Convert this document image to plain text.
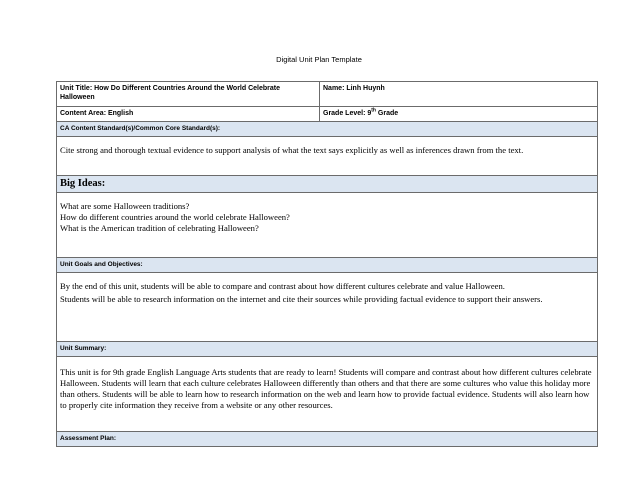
Digital Unit Plan Template
Unit Title: How Do Different Countries Around the World Celebrate Halloween	Name: Linh Huynh
Content Area: English	Grade Level: 9th Grade
CA Content Standard(s)/Common Core Standard(s):	
Cite strong and thorough textual evidence to support analysis of what the text says explicitly as well as inferences drawn from the text.	
Big Ideas:	

What are some Halloween traditions?
How do different countries around the world celebrate Halloween?
What is the American tradition of celebrating Halloween?	

Unit Goals and Objectives:	

By the end of this unit, students will be able to compare and contrast about how different cultures celebrate and value Halloween.
Students will be able to research information on the internet and cite their sources while providing factual evidence to support their answers.	

Unit Summary:	
This unit is for 9th grade English Language Arts students that are ready to learn! Students will compare and contrast about how different cultures celebrate Halloween. Students will learn that each culture celebrates Halloween differently than others and that there are some cultures who value this holiday more than others. Students will be able to learn how to research information on the web and learn how to provide factual evidence. Students will also learn how to properly cite information they receive from a website or any other resources.	
Assessment Plan:	
